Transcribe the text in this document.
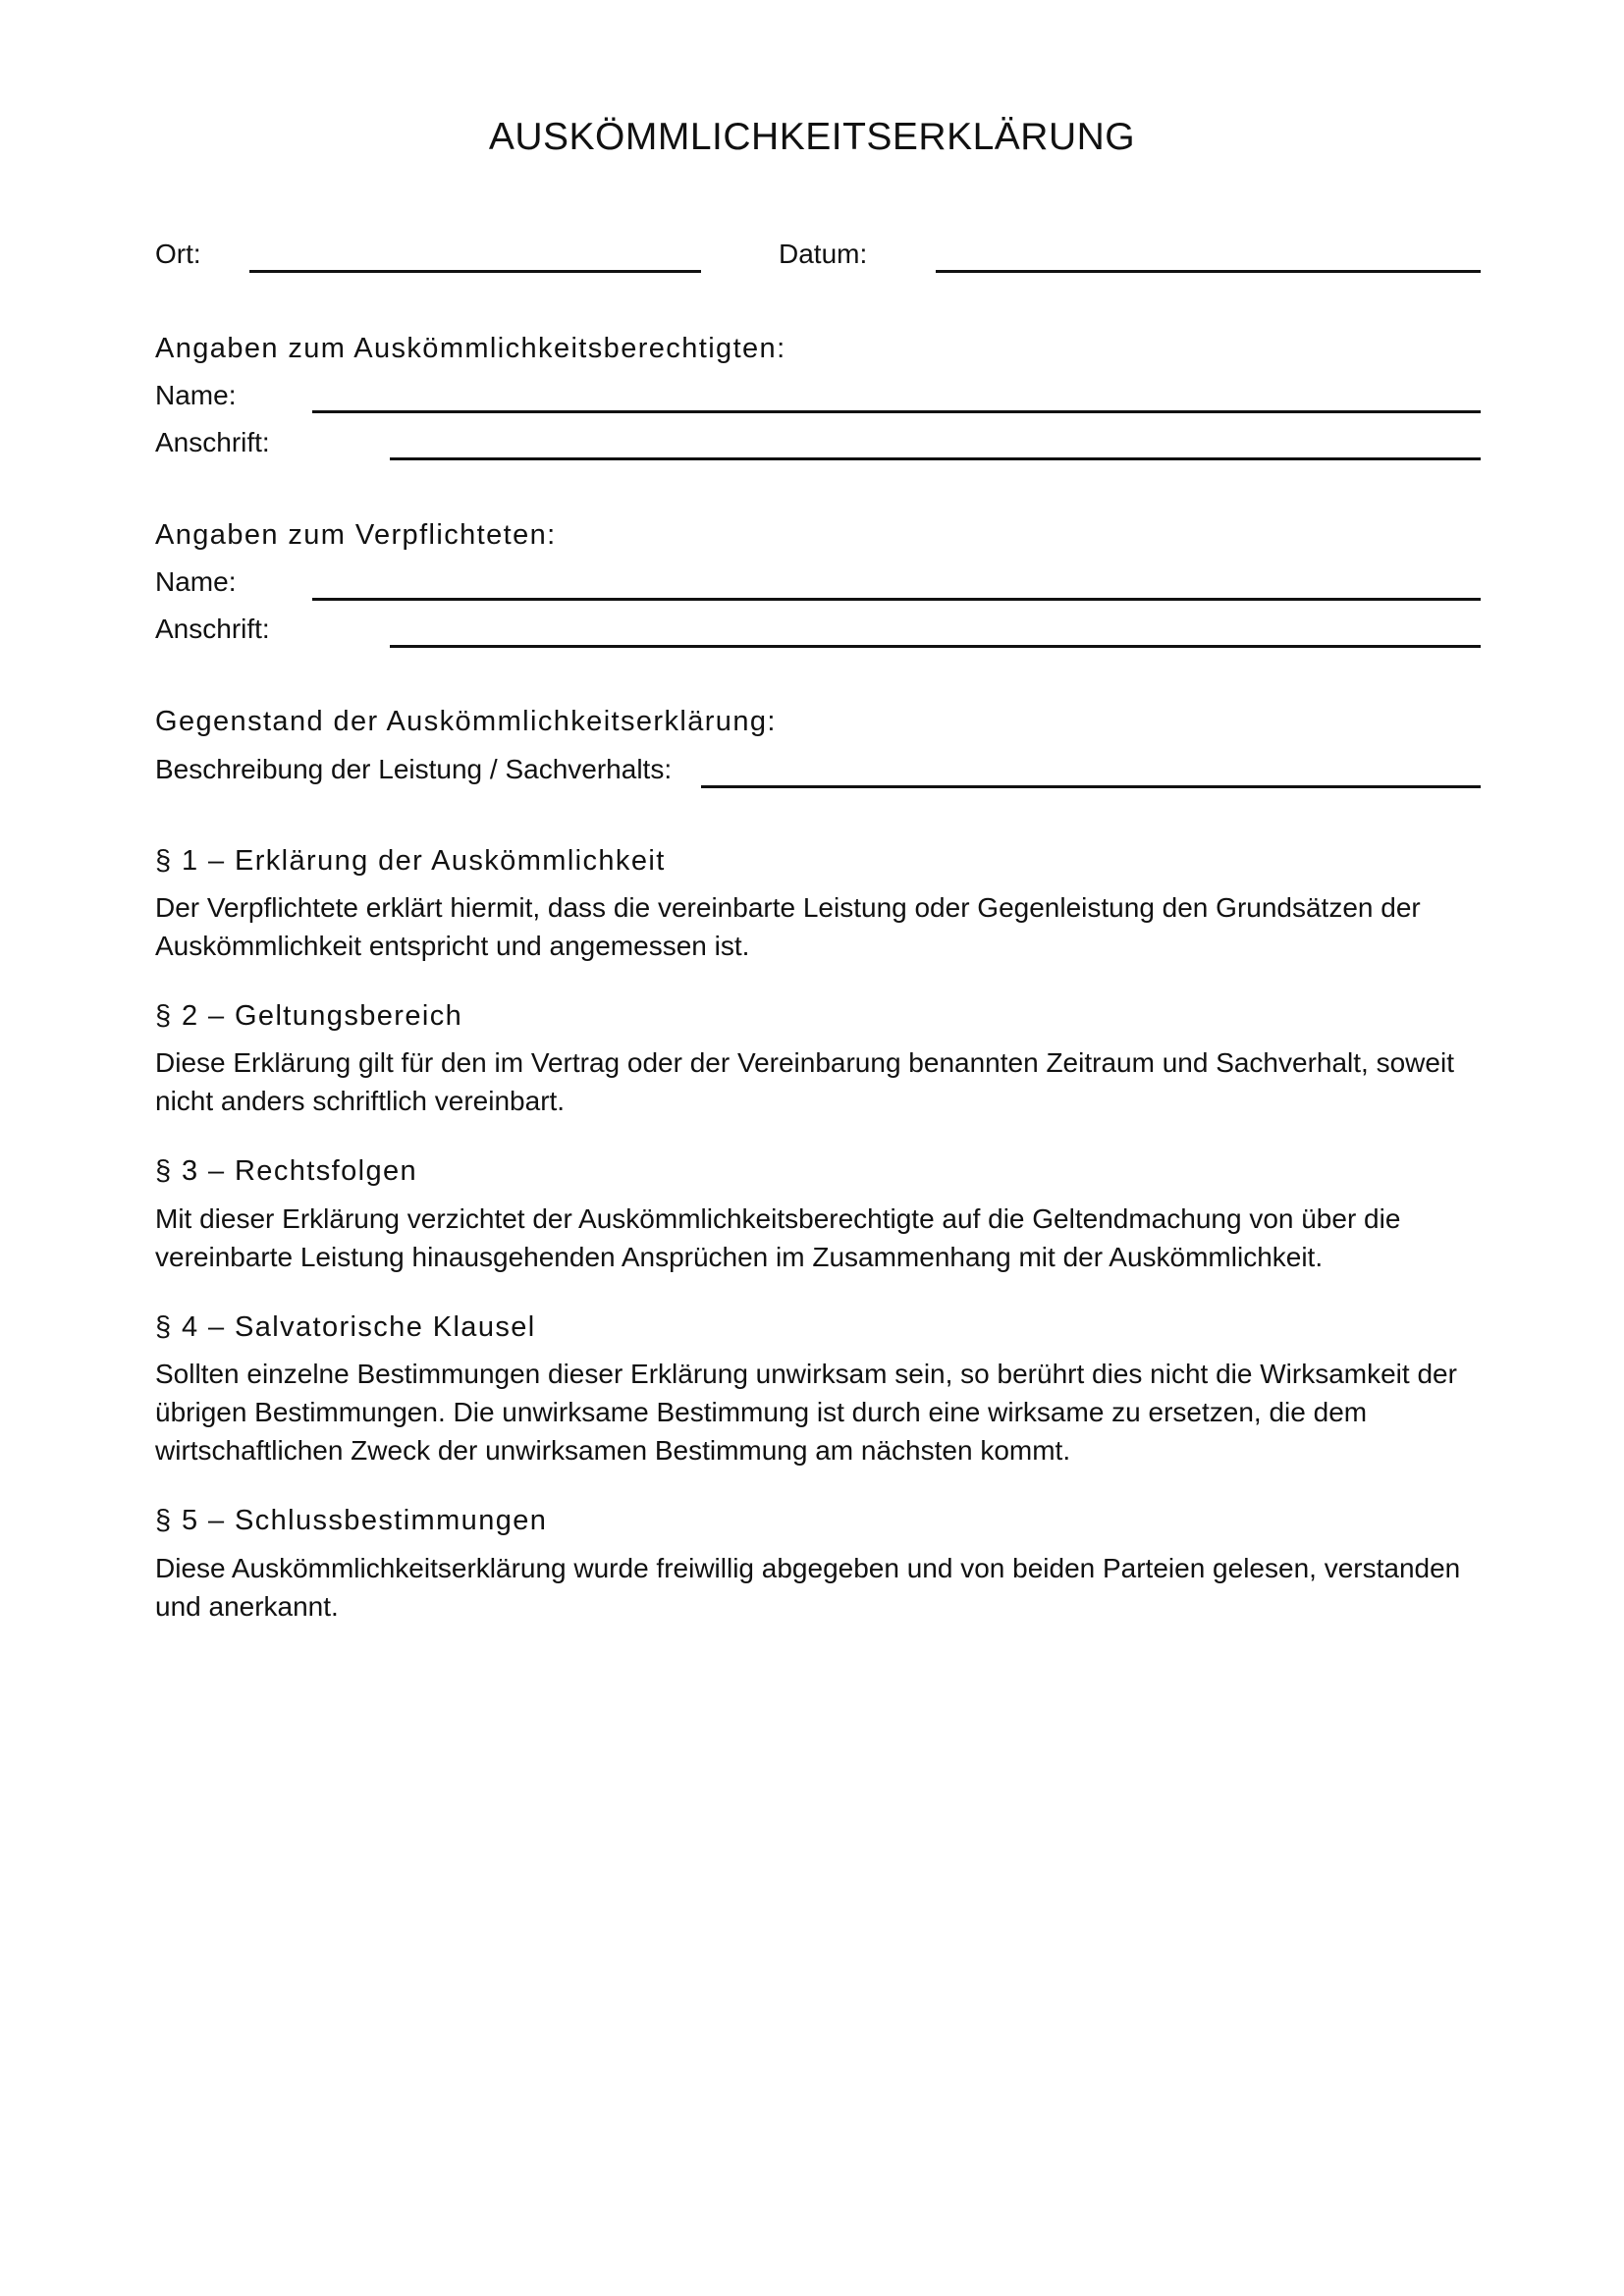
AUSKÖMMLICHKEITSERKLÄRUNG
Ort:	Datum:
Angaben zum Auskömmlichkeitsberechtigten:
Name:
Anschrift:
Angaben zum Verpflichteten:
Name:
Anschrift:
Gegenstand der Auskömmlichkeitserklärung:
Beschreibung der Leistung / Sachverhalts:
§ 1 – Erklärung der Auskömmlichkeit
Der Verpflichtete erklärt hiermit, dass die vereinbarte Leistung oder Gegenleistung den Grundsätzen der Auskömmlichkeit entspricht und angemessen ist.
§ 2 – Geltungsbereich
Diese Erklärung gilt für den im Vertrag oder der Vereinbarung benannten Zeitraum und Sachverhalt, soweit nicht anders schriftlich vereinbart.
§ 3 – Rechtsfolgen
Mit dieser Erklärung verzichtet der Auskömmlichkeitsberechtigte auf die Geltendmachung von über die vereinbarte Leistung hinausgehenden Ansprüchen im Zusammenhang mit der Auskömmlichkeit.
§ 4 – Salvatorische Klausel
Sollten einzelne Bestimmungen dieser Erklärung unwirksam sein, so berührt dies nicht die Wirksamkeit der übrigen Bestimmungen. Die unwirksame Bestimmung ist durch eine wirksame zu ersetzen, die dem wirtschaftlichen Zweck der unwirksamen Bestimmung am nächsten kommt.
§ 5 – Schlussbestimmungen
Diese Auskömmlichkeitserklärung wurde freiwillig abgegeben und von beiden Parteien gelesen, verstanden und anerkannt.
